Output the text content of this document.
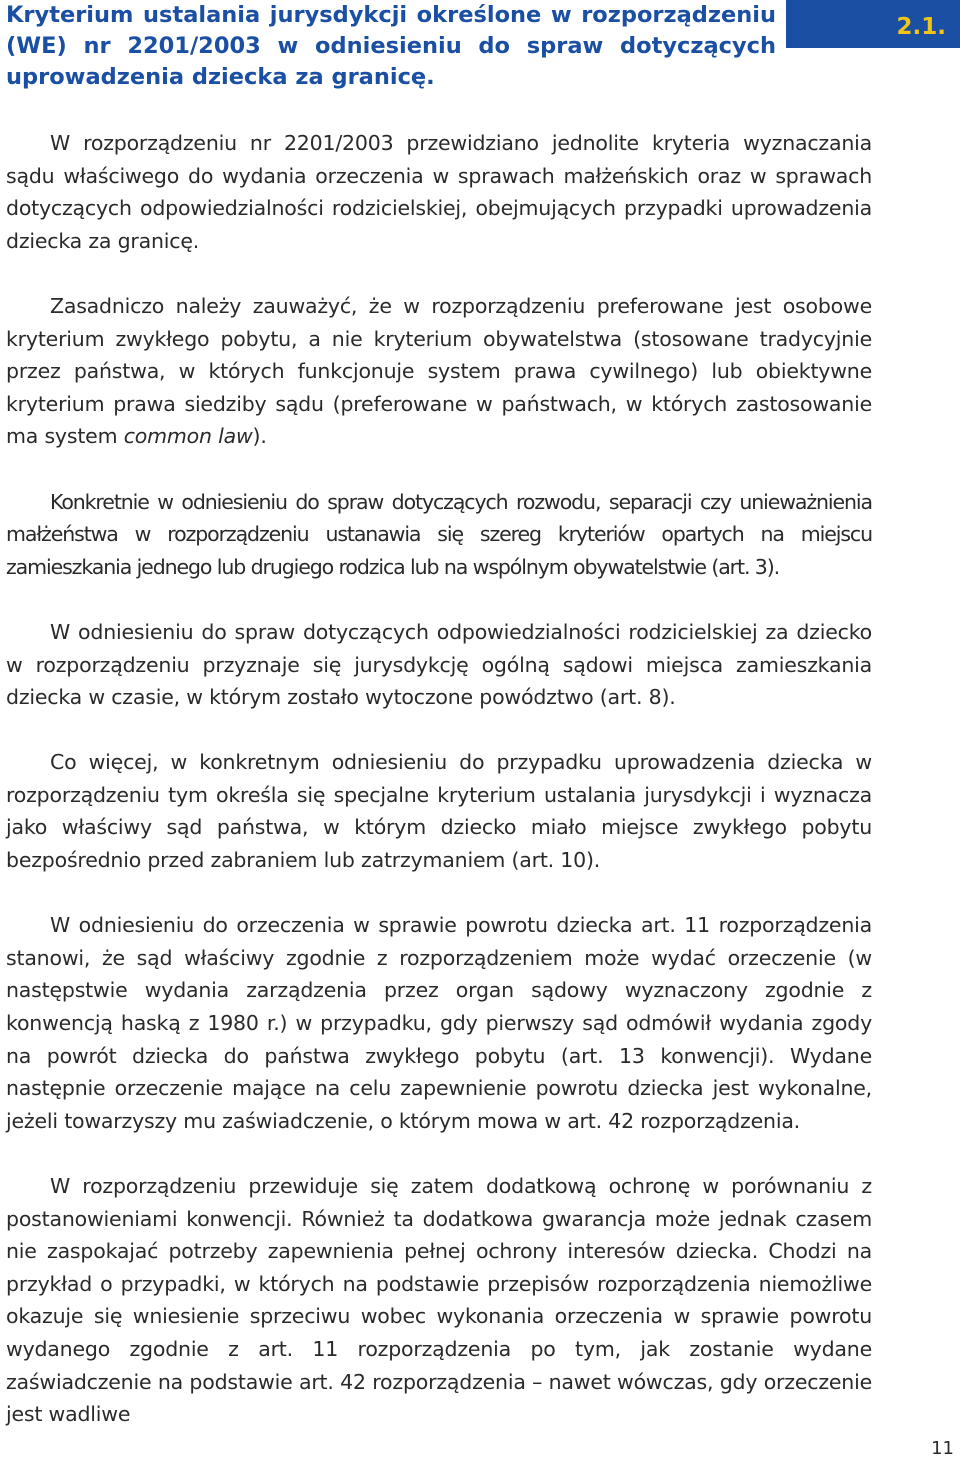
Kryterium ustalania jurysdykcji określone w rozporządzeniu (WE) nr 2201/2003 w odniesieniu do spraw dotyczących uprowadzenia dziecka za granicę.
2.1.

W rozporządzeniu nr 2201/2003 przewidziano jednolite kryteria wyznaczania sądu właściwego do wydania orzeczenia w sprawach małżeńskich oraz w sprawach dotyczących odpowiedzialności rodzicielskiej, obejmujących przypadki uprowadzenia dziecka za granicę.

Zasadniczo należy zauważyć, że w rozporządzeniu preferowane jest osobowe kryterium zwykłego pobytu, a nie kryterium obywatelstwa (stosowane tradycyjnie przez państwa, w których funkcjonuje system prawa cywilnego) lub obiektywne kryterium prawa siedziby sądu (preferowane w państwach, w których zastosowanie ma system common law).

Konkretnie w odniesieniu do spraw dotyczących rozwodu, separacji czy unieważnienia małżeństwa w rozporządzeniu ustanawia się szereg kryteriów opartych na miejscu zamieszkania jednego lub drugiego rodzica lub na wspólnym obywatelstwie (art. 3).

W odniesieniu do spraw dotyczących odpowiedzialności rodzicielskiej za dziecko w rozporządzeniu przyznaje się jurysdykcję ogólną sądowi miejsca zamieszkania dziecka w czasie, w którym zostało wytoczone powództwo (art. 8).

Co więcej, w konkretnym odniesieniu do przypadku uprowadzenia dziecka w rozporządzeniu tym określa się specjalne kryterium ustalania jurysdykcji i wyznacza jako właściwy sąd państwa, w którym dziecko miało miejsce zwykłego pobytu bezpośrednio przed zabraniem lub zatrzymaniem (art. 10).

W odniesieniu do orzeczenia w sprawie powrotu dziecka art. 11 rozporządzenia stanowi, że sąd właściwy zgodnie z rozporządzeniem może wydać orzeczenie (w następstwie wydania zarządzenia przez organ sądowy wyznaczony zgodnie z konwencją haską z 1980 r.) w przypadku, gdy pierwszy sąd odmówił wydania zgody na powrót dziecka do państwa zwykłego pobytu (art. 13 konwencji). Wydane następnie orzeczenie mające na celu zapewnienie powrotu dziecka jest wykonalne, jeżeli towarzyszy mu zaświadczenie, o którym mowa w art. 42 rozporządzenia.

W rozporządzeniu przewiduje się zatem dodatkową ochronę w porównaniu z postanowieniami konwencji. Również ta dodatkowa gwarancja może jednak czasem nie zaspokajać potrzeby zapewnienia pełnej ochrony interesów dziecka. Chodzi na przykład o przypadki, w których na podstawie przepisów rozporządzenia niemożliwe okazuje się wniesienie sprzeciwu wobec wykonania orzeczenia w sprawie powrotu wydanego zgodnie z art. 11 rozporządzenia po tym, jak zostanie wydane zaświadczenie na podstawie art. 42 rozporządzenia – nawet wówczas, gdy orzeczenie jest wadliwe

11
